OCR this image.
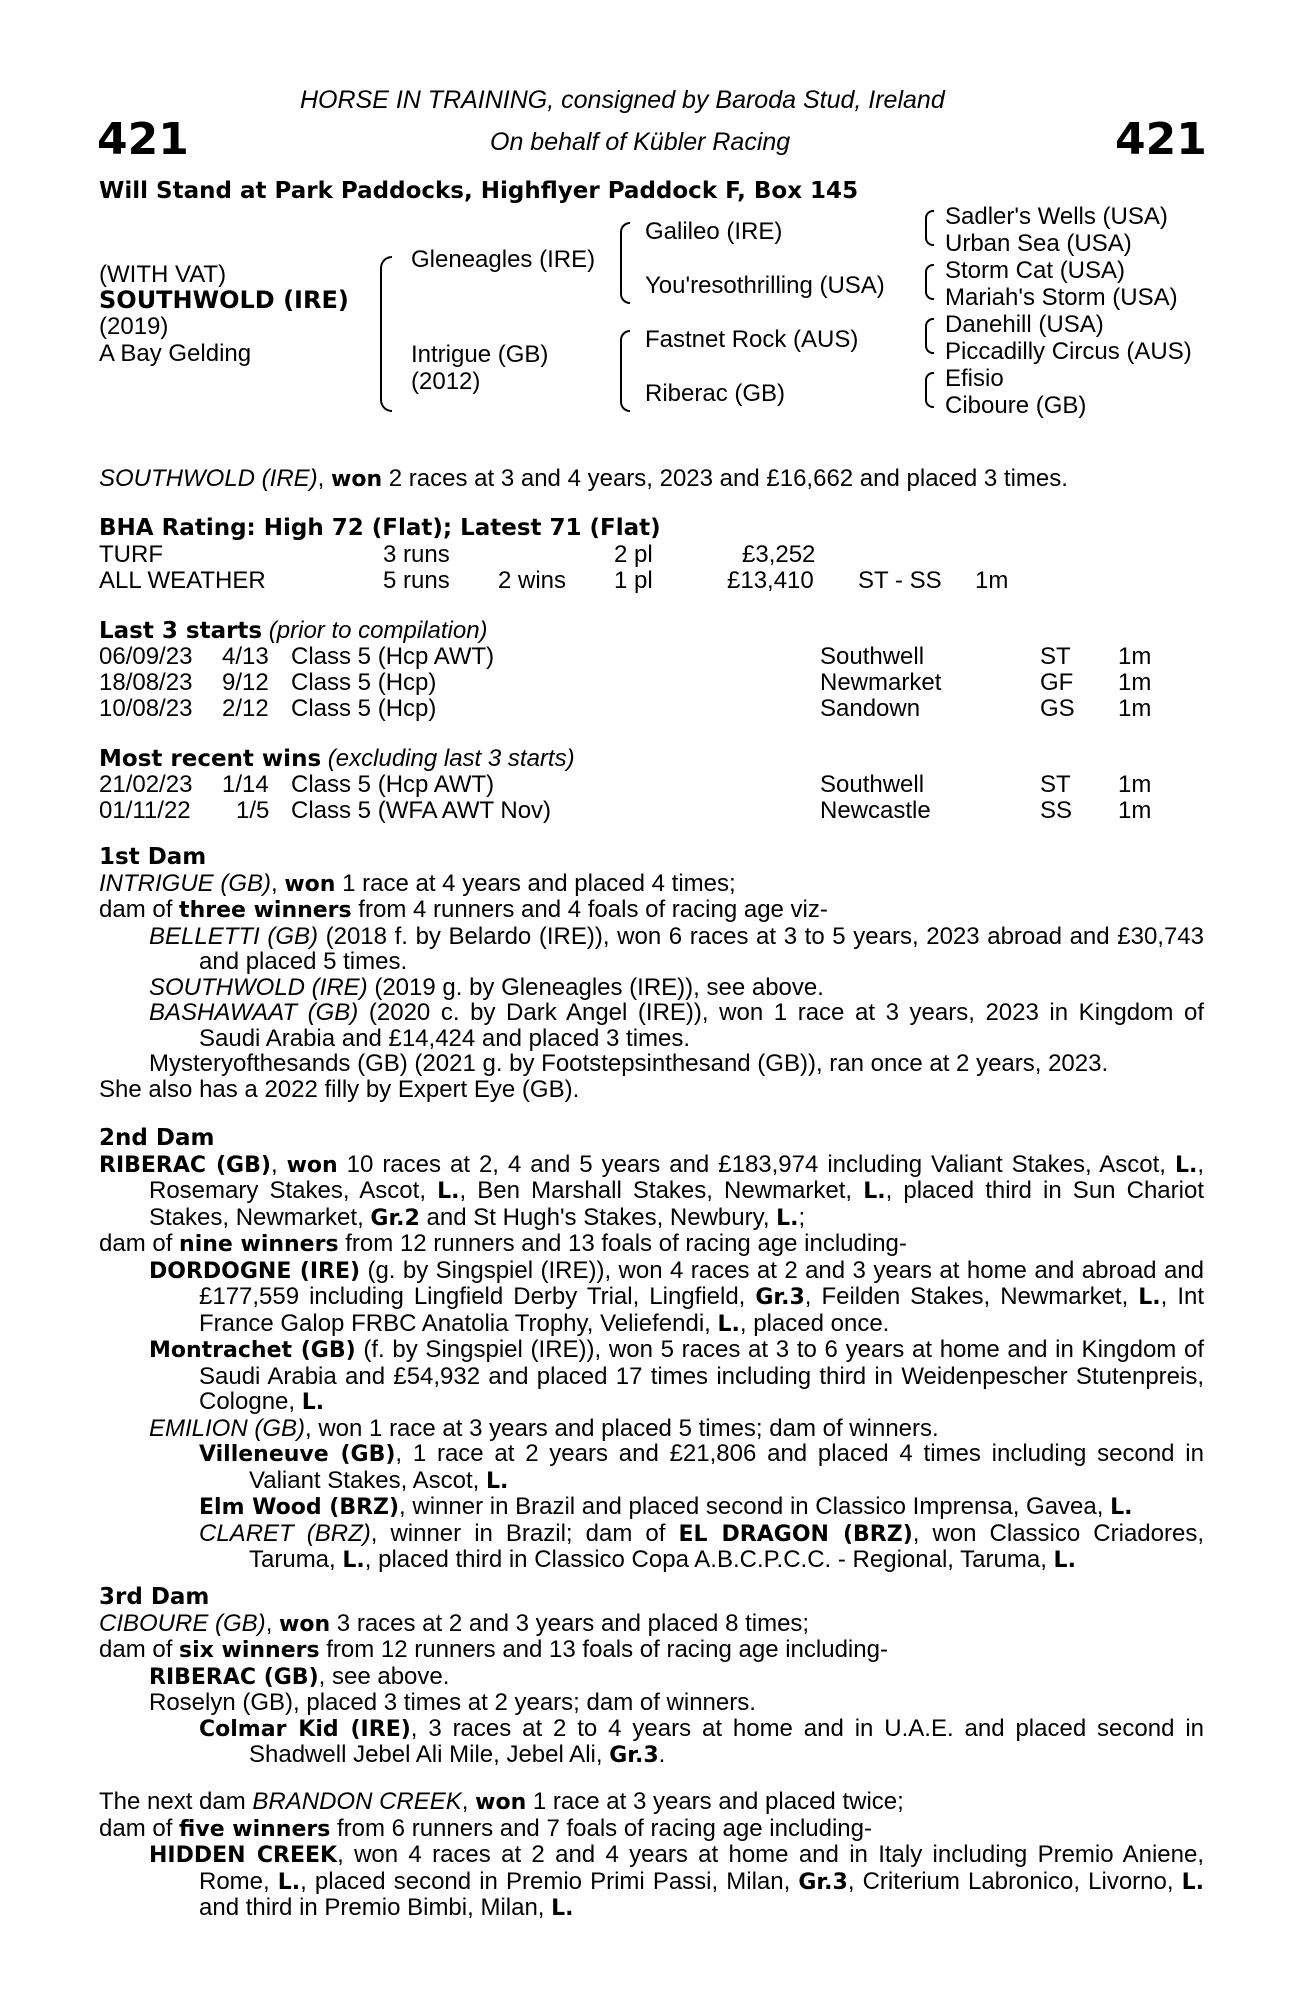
HORSE IN TRAINING, consigned by Baroda Stud, Ireland
On behalf of Kübler Racing
421	421
Will Stand at Park Paddocks, Highflyer Paddock F, Box 145
(WITH VAT)
SOUTHWOLD (IRE)
(2019)
A Bay Gelding
Gleneagles (IRE)
Intrigue (GB)
(2012)
Galileo (IRE)
You'resothrilling (USA)
Fastnet Rock (AUS)
Riberac (GB)
Sadler's Wells (USA)
Urban Sea (USA)
Storm Cat (USA)
Mariah's Storm (USA)
Danehill (USA)
Piccadilly Circus (AUS)
Efisio
Ciboure (GB)
SOUTHWOLD (IRE), won 2 races at 3 and 4 years, 2023 and £16,662 and placed 3 times.
BHA Rating: High 72 (Flat); Latest 71 (Flat)
TURF	3 runs	2 pl	£3,252
ALL WEATHER	5 runs 2 wins 1 pl	£13,410 ST - SS 1m
Last 3 starts (prior to compilation)
06/09/23 4/13 Class 5 (Hcp AWT)	Southwell	ST 1m
18/08/23 9/12 Class 5 (Hcp)	Newmarket	GF 1m
10/08/23 2/12 Class 5 (Hcp)	Sandown	GS 1m
Most recent wins (excluding last 3 starts)
21/02/23 1/14 Class 5 (Hcp AWT)	Southwell	ST 1m
01/11/22 1/5 Class 5 (WFA AWT Nov)	Newcastle	SS 1m

1st Dam

INTRIGUE (GB), won 1 race at 4 years and placed 4 times;

dam of three winners from 4 runners and 4 foals of racing age viz-

BELLETTI (GB) (2018 f. by Belardo (IRE)), won 6 races at 3 to 5 years, 2023 abroad and £30,743 and placed 5 times.

SOUTHWOLD (IRE) (2019 g. by Gleneagles (IRE)), see above.

BASHAWAAT (GB) (2020 c. by Dark Angel (IRE)), won 1 race at 3 years, 2023 in Kingdom of Saudi Arabia and £14,424 and placed 3 times.

Mysteryofthesands (GB) (2021 g. by Footstepsinthesand (GB)), ran once at 2 years, 2023.

She also has a 2022 filly by Expert Eye (GB).

2nd Dam

RIBERAC (GB), won 10 races at 2, 4 and 5 years and £183,974 including Valiant Stakes, Ascot, L., Rosemary Stakes, Ascot, L., Ben Marshall Stakes, Newmarket, L., placed third in Sun Chariot Stakes, Newmarket, Gr.2 and St Hugh's Stakes, Newbury, L.;

dam of nine winners from 12 runners and 13 foals of racing age including-

DORDOGNE (IRE) (g. by Singspiel (IRE)), won 4 races at 2 and 3 years at home and abroad and £177,559 including Lingfield Derby Trial, Lingfield, Gr.3, Feilden Stakes, Newmarket, L., Int France Galop FRBC Anatolia Trophy, Veliefendi, L., placed once.

Montrachet (GB) (f. by Singspiel (IRE)), won 5 races at 3 to 6 years at home and in Kingdom of Saudi Arabia and £54,932 and placed 17 times including third in Weidenpescher Stutenpreis, Cologne, L.

EMILION (GB), won 1 race at 3 years and placed 5 times; dam of winners.

Villeneuve (GB), 1 race at 2 years and £21,806 and placed 4 times including second in Valiant Stakes, Ascot, L.

Elm Wood (BRZ), winner in Brazil and placed second in Classico Imprensa, Gavea, L.

CLARET (BRZ), winner in Brazil; dam of EL DRAGON (BRZ), won Classico Criadores, Taruma, L., placed third in Classico Copa A.B.C.P.C.C. - Regional, Taruma, L.

3rd Dam

CIBOURE (GB), won 3 races at 2 and 3 years and placed 8 times;

dam of six winners from 12 runners and 13 foals of racing age including-

RIBERAC (GB), see above.

Roselyn (GB), placed 3 times at 2 years; dam of winners.

Colmar Kid (IRE), 3 races at 2 to 4 years at home and in U.A.E. and placed second in Shadwell Jebel Ali Mile, Jebel Ali, Gr.3.

The next dam BRANDON CREEK, won 1 race at 3 years and placed twice;

dam of five winners from 6 runners and 7 foals of racing age including-

HIDDEN CREEK, won 4 races at 2 and 4 years at home and in Italy including Premio Aniene, Rome, L., placed second in Premio Primi Passi, Milan, Gr.3, Criterium Labronico, Livorno, L. and third in Premio Bimbi, Milan, L.
